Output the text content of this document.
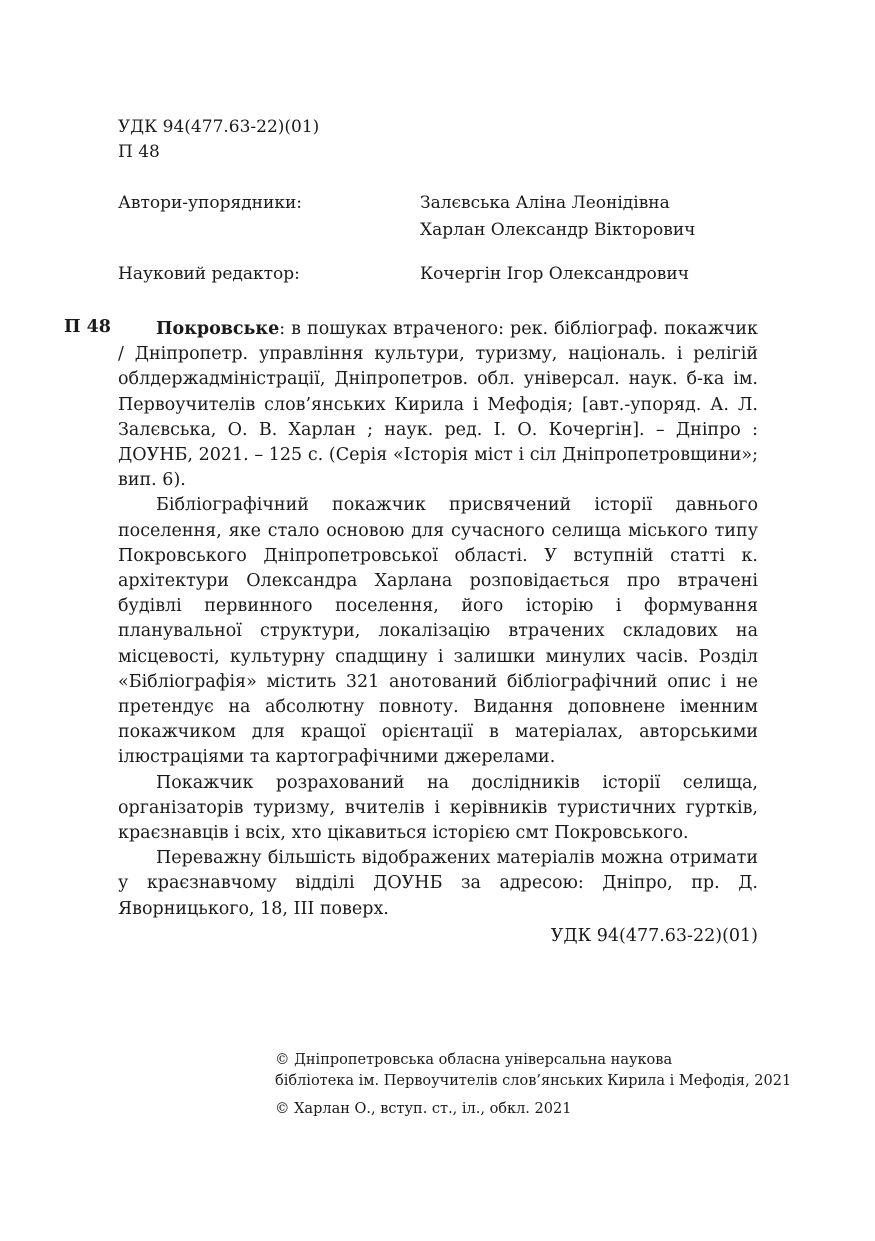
УДК 94(477.63-22)(01)
П 48
Автори-упорядники:	Залєвська Аліна Леонідівна
Харлан Олександр Вікторович
Науковий редактор:	Кочергін Ігор Олександрович
П 48	Покровське: в пошуках втраченого: рек. бібліограф. покажчик / Дніпропетр. управління культури, туризму, національ. і релігій облдержадміністрації, Дніпропетров. обл. універсал. наук. б-ка ім. Первоучителів слов’янських Кирила і Мефодія; [авт.-упоряд. А. Л. Залєвська, О. В. Харлан ; наук. ред. І. О. Кочергін]. – Дніпро : ДОУНБ, 2021. – 125 с. (Серія «Історія міст і сіл Дніпропетровщини»; вип. 6).

Бібліографічний покажчик присвячений історії давнього поселення, яке стало основою для сучасного селища міського типу Покровського Дніпропетровської області. У вступній статті к. архітектури Олександра Харлана розповідається про втрачені будівлі первинного поселення, його історію і формування планувальної структури, локалізацію втрачених складових на місцевості, культурну спадщину і залишки минулих часів. Розділ «Бібліографія» містить 321 анотований бібліографічний опис і не претендує на абсолютну повноту. Видання доповнене іменним покажчиком для кращої орієнтації в матеріалах, авторськими ілюстраціями та картографічними джерелами.

Покажчик розрахований на дослідників історії селища, організаторів туризму, вчителів і керівників туристичних гуртків, краєзнавців і всіх, хто цікавиться історією смт Покровського.

Переважну більшість відображених матеріалів можна отримати у краєзнавчому відділі ДОУНБ за адресою: Дніпро, пр. Д. Яворницького, 18, ІІІ поверх.

УДК 94(477.63-22)(01)
© Дніпропетровська обласна універсальна наукова
бібліотека ім. Первоучителів слов’янських Кирила і Мефодія, 2021
© Харлан О., вступ. ст., іл., обкл. 2021
